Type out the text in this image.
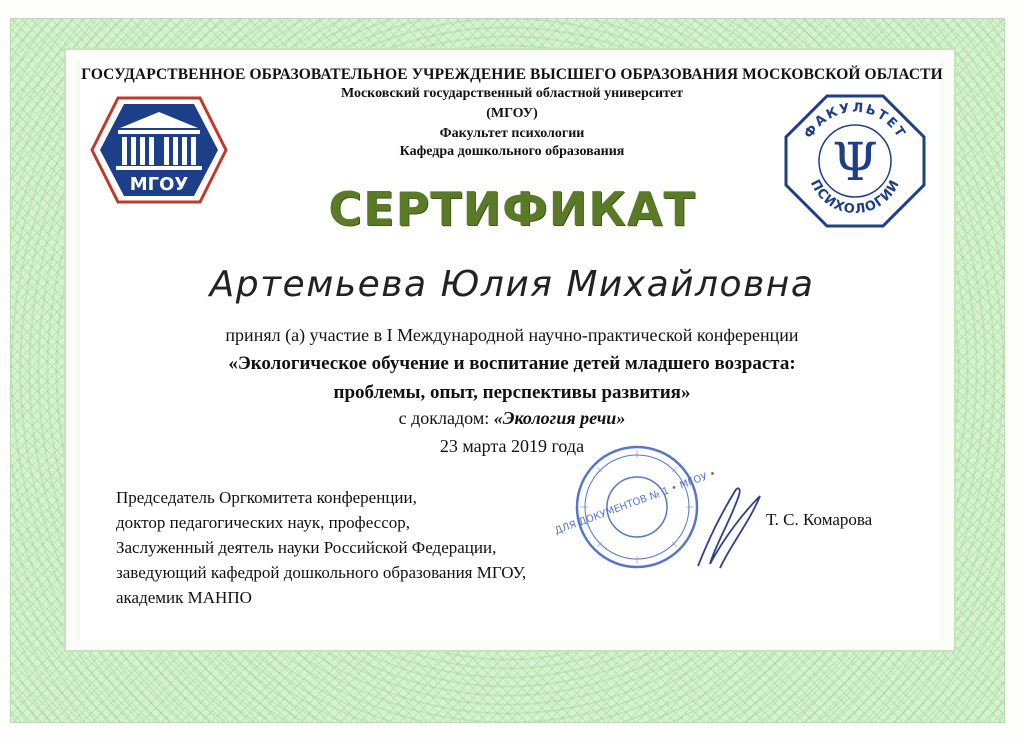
ГОСУДАРСТВЕННОЕ ОБРАЗОВАТЕЛЬНОЕ УЧРЕЖДЕНИЕ ВЫСШЕГО ОБРАЗОВАНИЯ МОСКОВСКОЙ ОБЛАСТИ
Московский государственный областной университет
(МГОУ)
Факультет психологии
Кафедра дошкольного образования
МГОУ
ФАКУЛЬТЕТ
ПСИХОЛОГИИ
Ψ
СЕРТИФИКАТ
Артемьева Юлия Михайловна
принял (а) участие в I Международной научно-практической конференции
«Экологическое обучение и воспитание детей младшего возраста:
проблемы, опыт, перспективы развития»
с докладом: «Экология речи»
23 марта 2019 года
Председатель Оргкомитета конференции,
доктор педагогических наук, профессор,
Заслуженный деятель науки Российской Федерации,
заведующий кафедрой дошкольного образования МГОУ,
академик МАНПО
ДЛЯ ДОКУМЕНТОВ № 1 • МГОУ •	Т. С. Комарова
